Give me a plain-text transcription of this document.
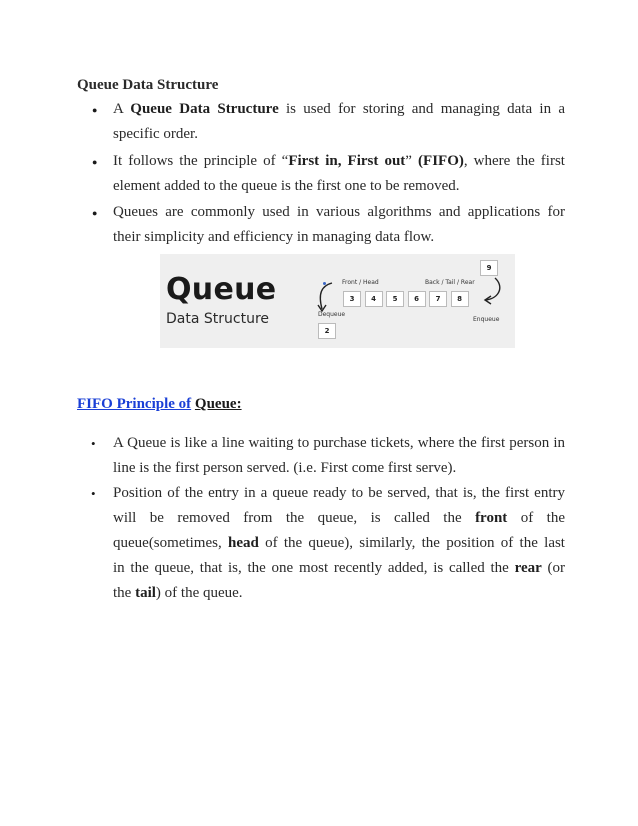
Queue Data Structure
● A Queue Data Structure is used for storing and managing data in a
specific order.
● It follows the principle of “First in, First out” (FIFO), where the first
element added to the queue is the first one to be removed.
● Queues are commonly used in various algorithms and applications for
their simplicity and efficiency in managing data flow.
Queue
Data Structure
Front / Head	Back / Tail / Rear
Dequeue
Enqueue
3	4	5	6	7	8
9
2
FIFO Principle of Queue:
• A Queue is like a line waiting to purchase tickets, where the first person in
line is the first person served. (i.e. First come first serve).
• Position of the entry in a queue ready to be served, that is, the first entry
will be removed from the queue, is called the front of the
queue(sometimes, head of the queue), similarly, the position of the last
in the queue, that is, the one most recently added, is called the rear (or
the tail) of the queue.
